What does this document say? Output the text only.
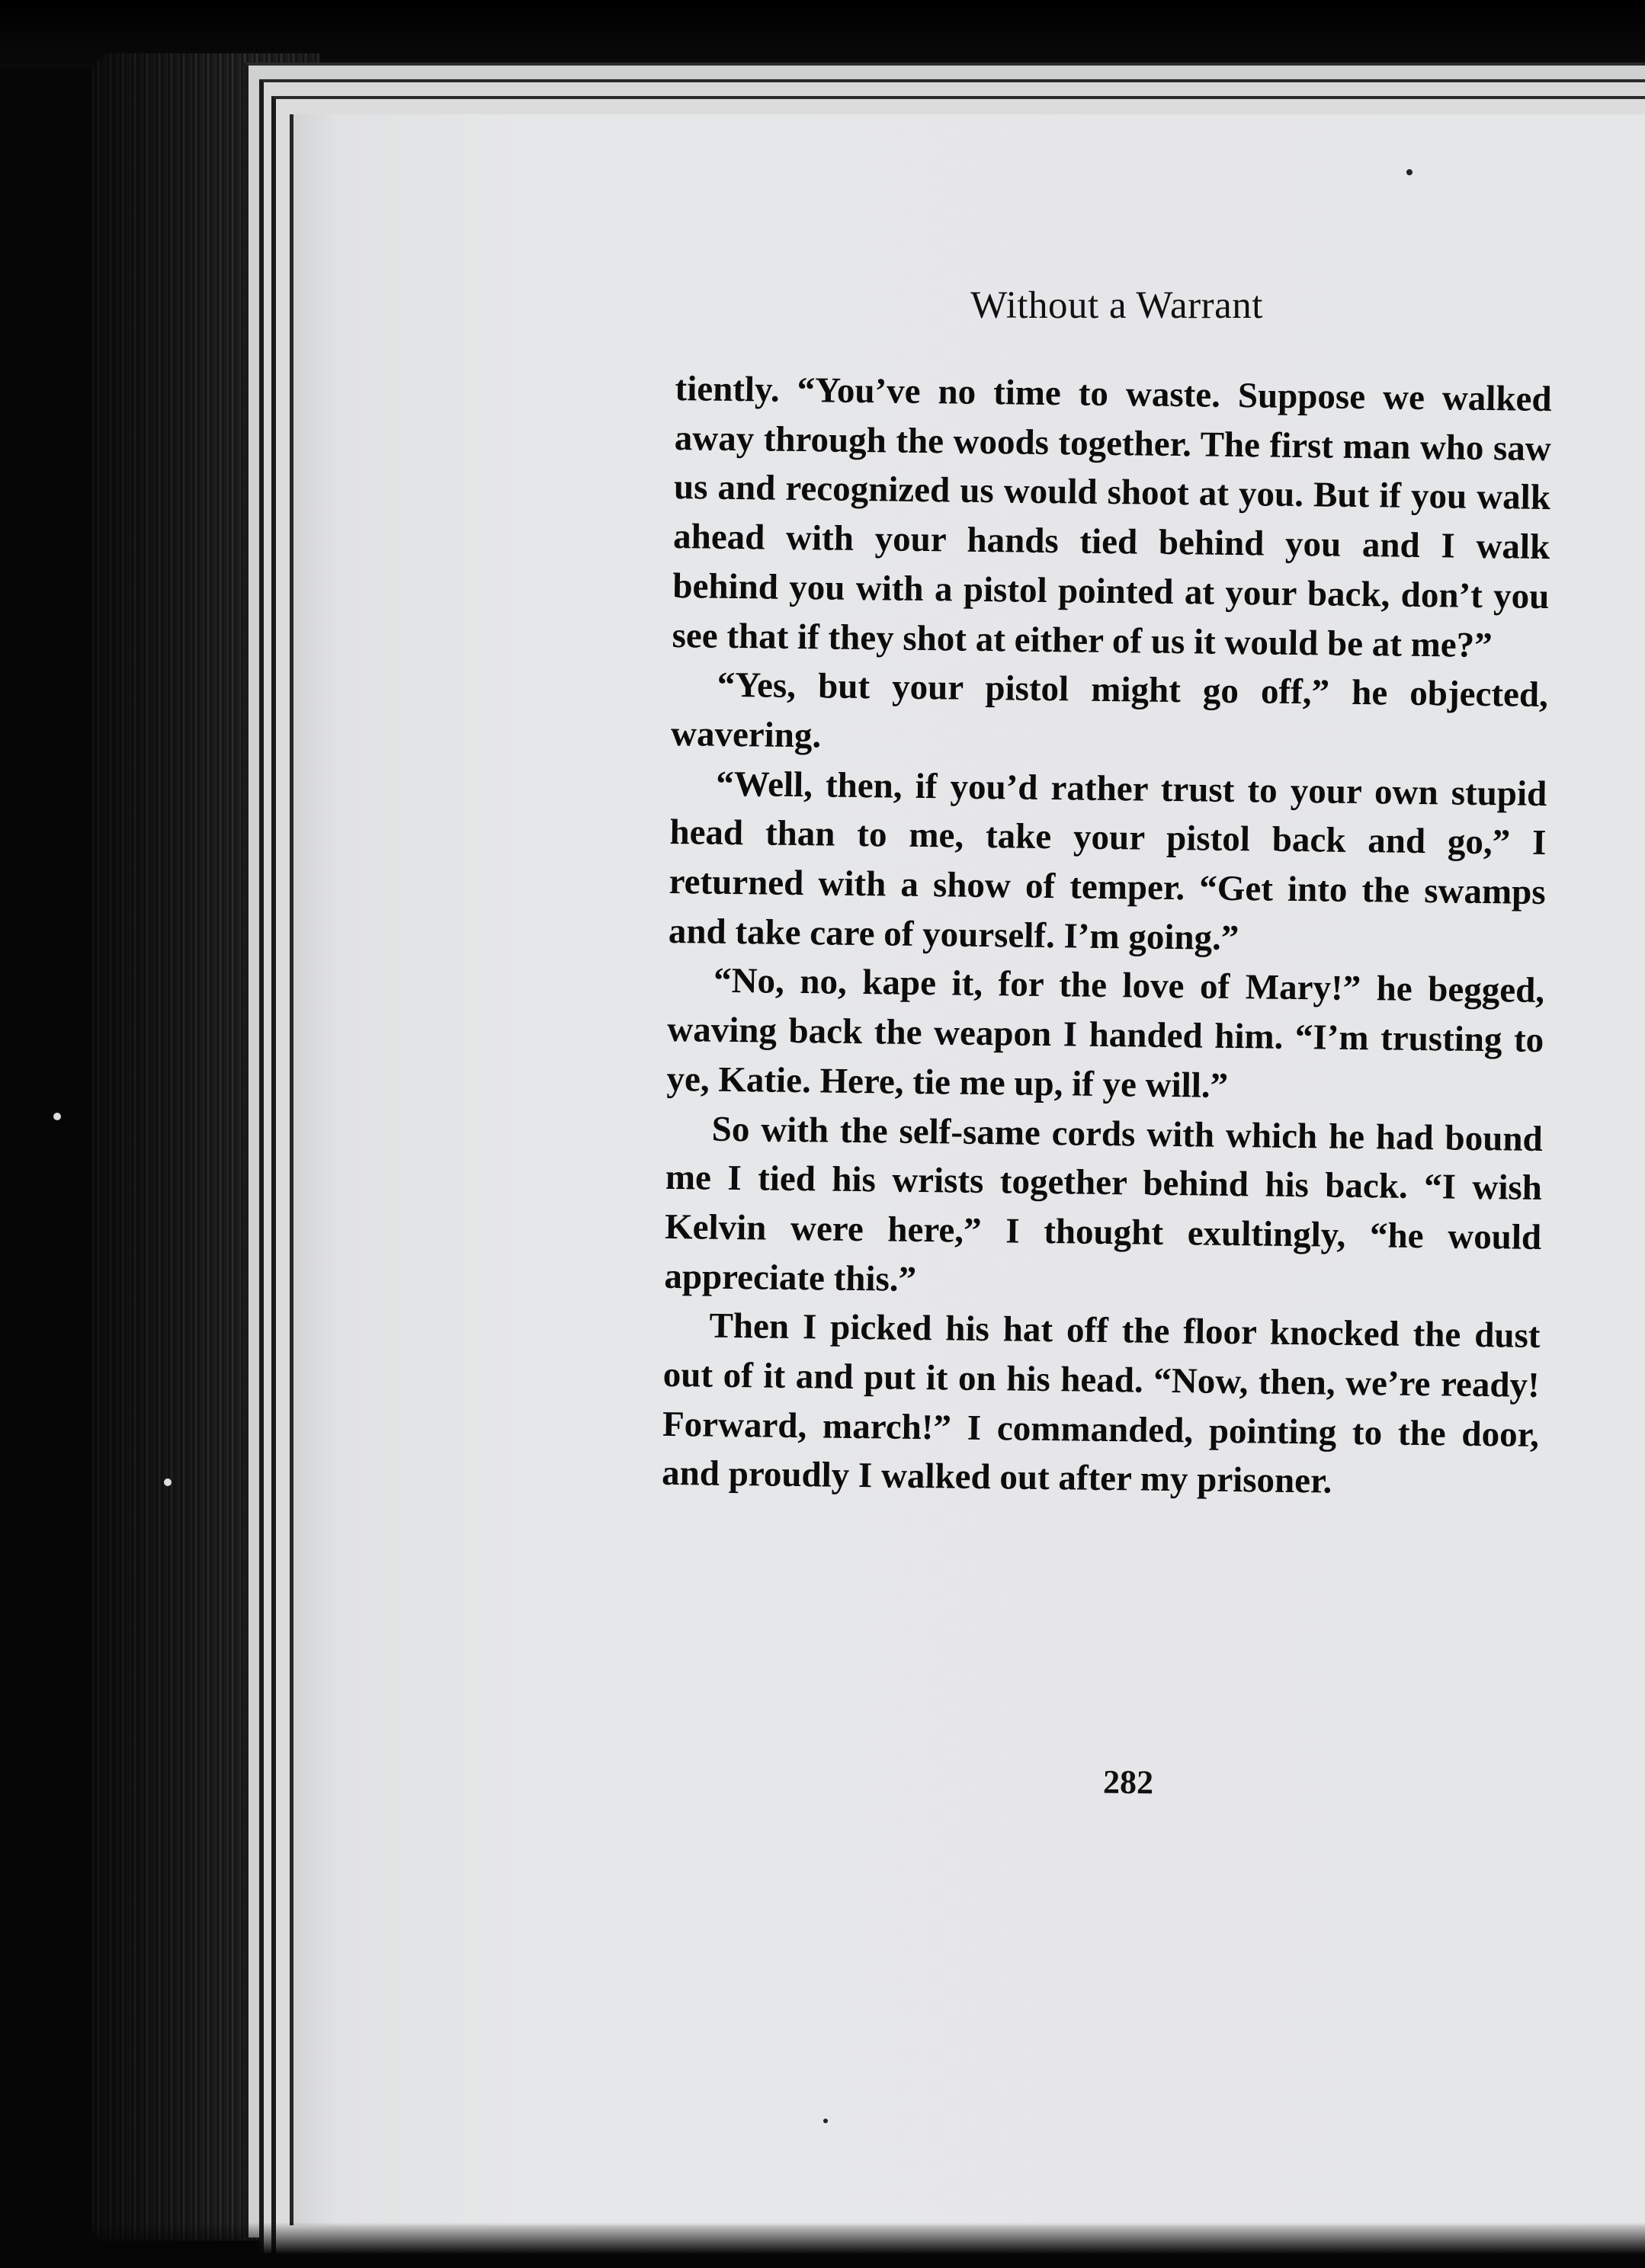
Without a Warrant

tiently. “You’ve no time to waste. Suppose we walked away through the woods together. The first man who saw us and recognized us would shoot at you. But if you walk ahead with your hands tied behind you and I walk behind you with a pistol pointed at your back, don’t you see that if they shot at either of us it would be at me?”

“Yes, but your pistol might go off,” he objected, wavering.

“Well, then, if you’d rather trust to your own stupid head than to me, take your pistol back and go,” I returned with a show of temper. “Get into the swamps and take care of yourself. I’m going.”

“No, no, kape it, for the love of Mary!” he begged, waving back the weapon I handed him. “I’m trusting to ye, Katie. Here, tie me up, if ye will.”

So with the self-same cords with which he had bound me I tied his wrists together behind his back. “I wish Kelvin were here,” I thought exultingly, “he would appreciate this.”

Then I picked his hat off the floor knocked the dust out of it and put it on his head. “Now, then, we’re ready! Forward, march!” I commanded, pointing to the door, and proudly I walked out after my prisoner.

282
